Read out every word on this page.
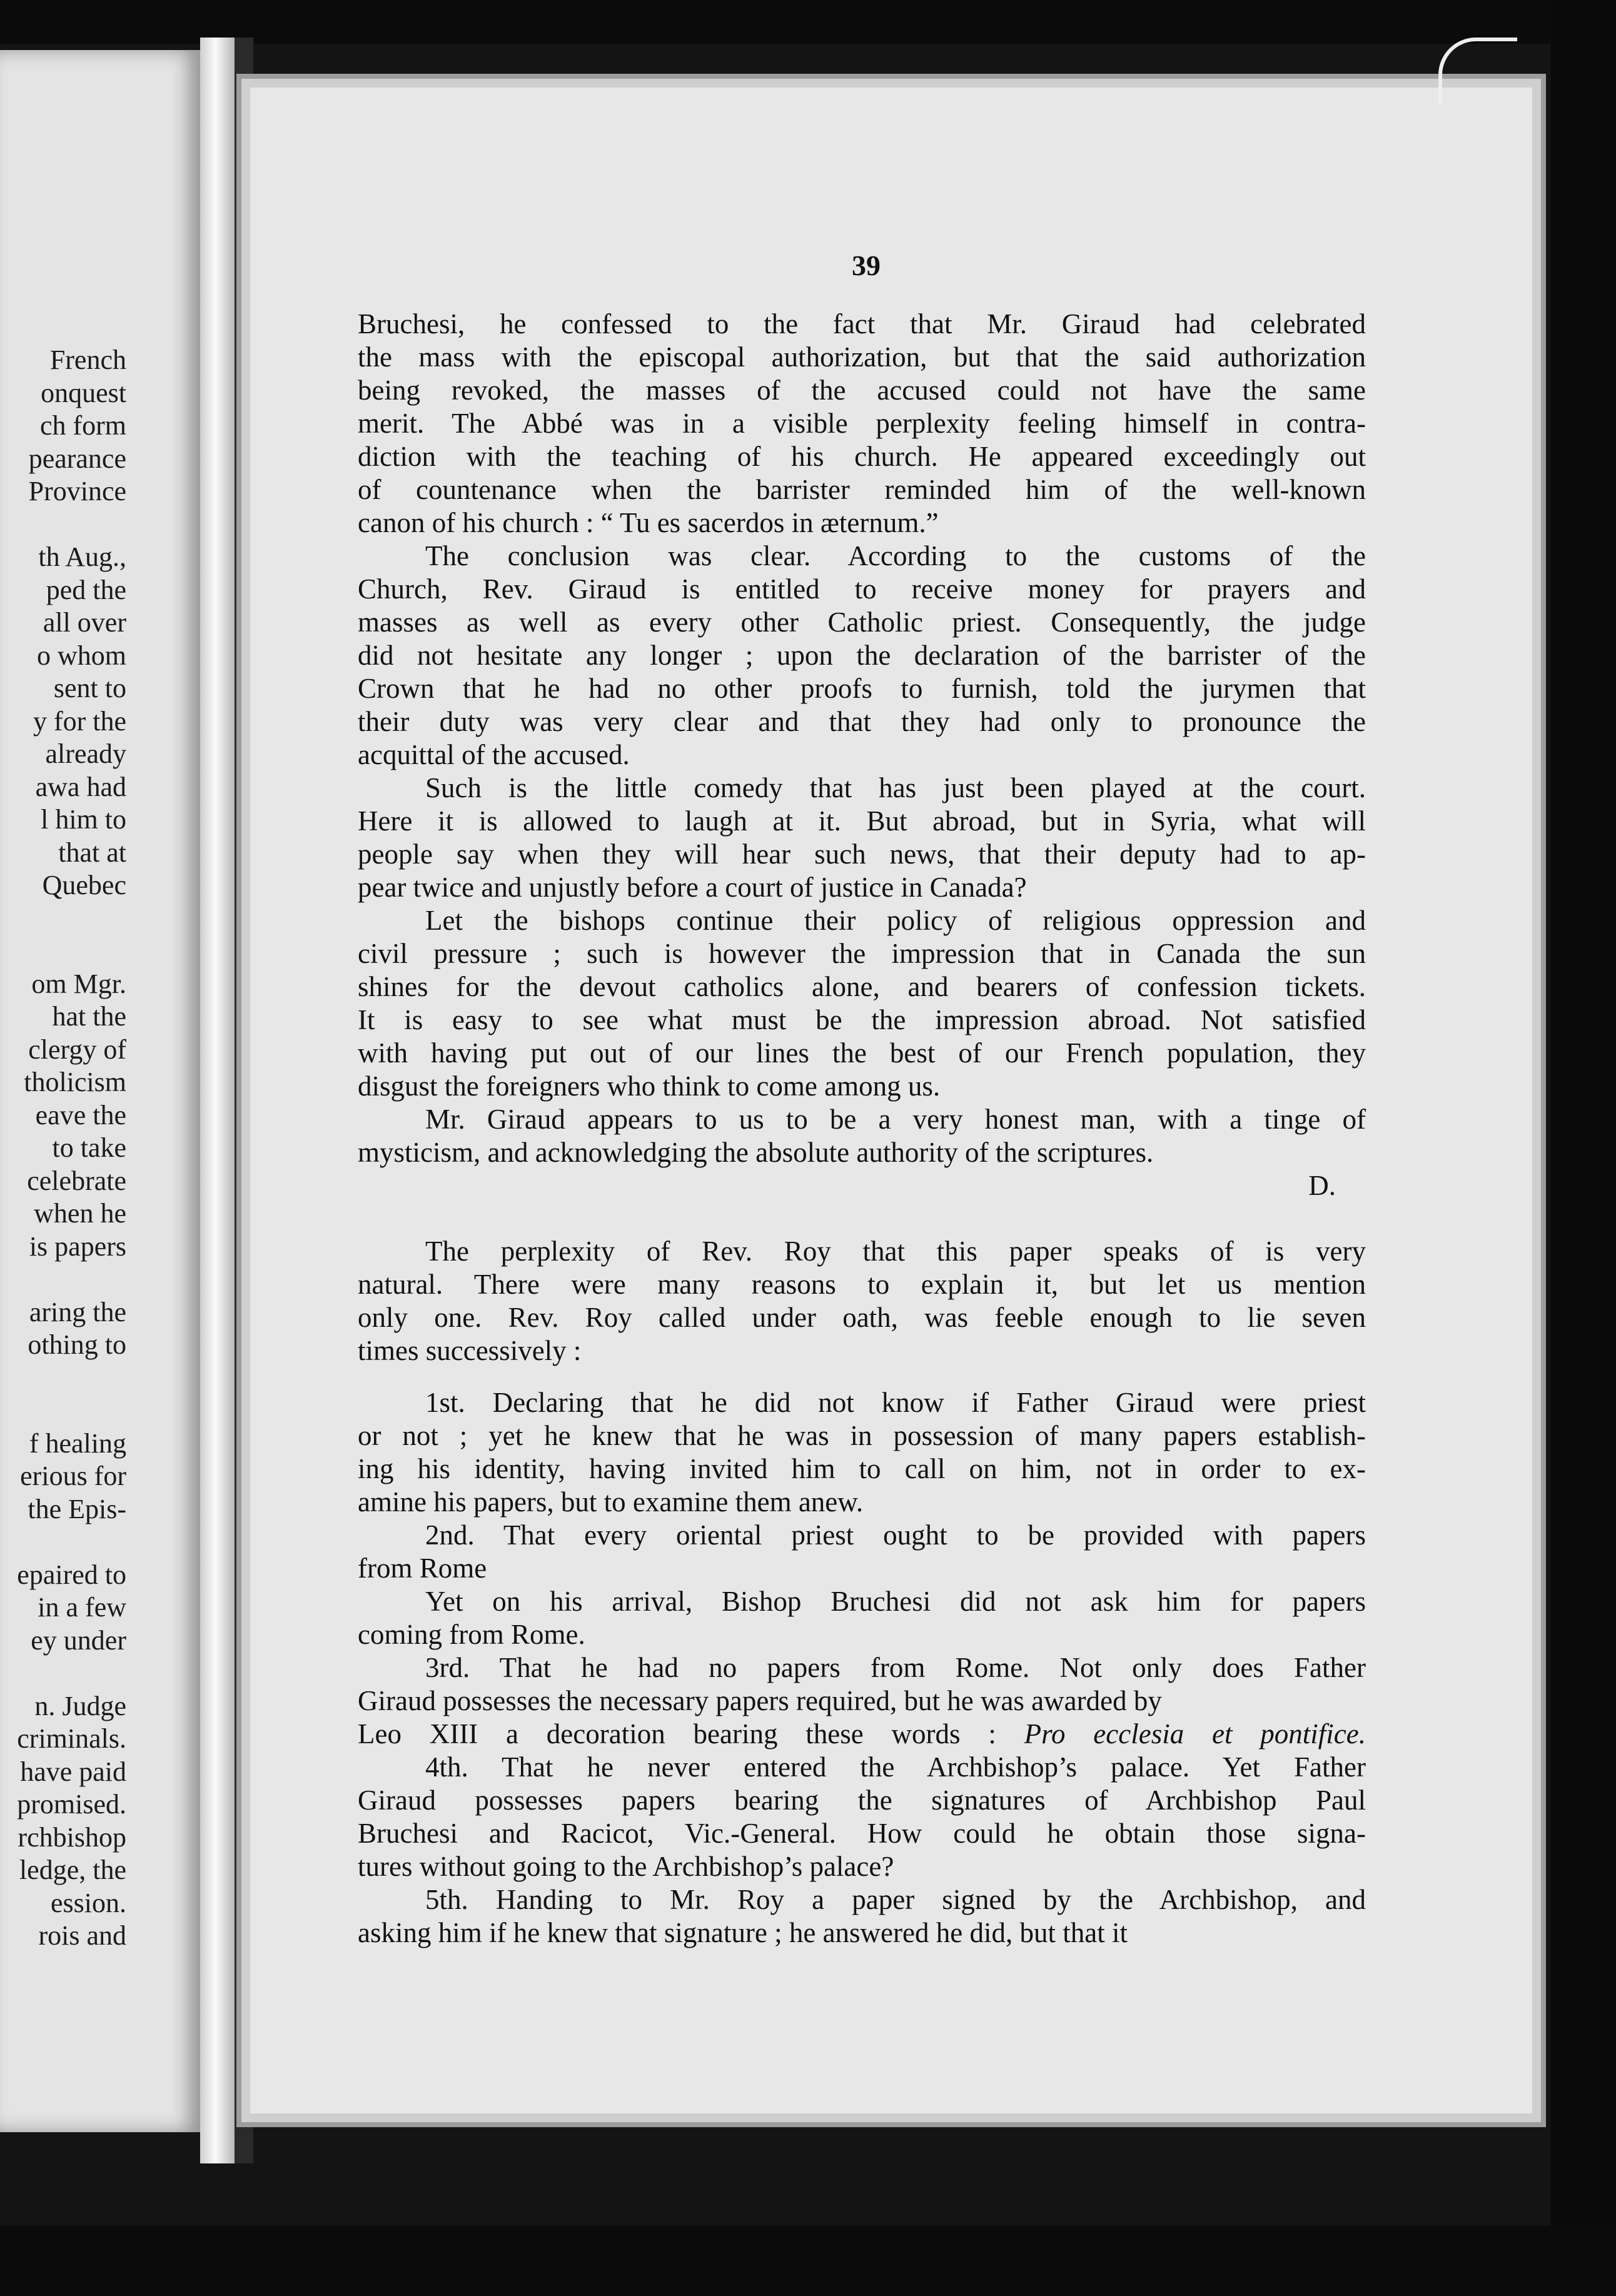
French
onquest
ch form
pearance
Province
th Aug.,
ped the
all over
o whom
sent to
y for the
already
awa had
l him to
that at
Quebec
om Mgr.
hat the
clergy of
tholicism
eave the
to take
celebrate
when he
is papers
aring the
othing to
f healing
erious for
the Epis-
epaired to
in a few
ey under
n. Judge
criminals.
have paid
promised.
rchbishop
ledge, the
ession.
rois and
39
Bruchesi, he confessed to the fact that Mr. Giraud had celebrated
the mass with the episcopal authorization, but that the said authorization
being revoked, the masses of the accused could not have the same
merit. The Abbé was in a visible perplexity feeling himself in contra-
diction with the teaching of his church. He appeared exceedingly out
of countenance when the barrister reminded him of the well-known
canon of his church : “ Tu es sacerdos in æternum.”
The conclusion was clear. According to the customs of the
Church, Rev. Giraud is entitled to receive money for prayers and
masses as well as every other Catholic priest. Consequently, the judge
did not hesitate any longer ; upon the declaration of the barrister of the
Crown that he had no other proofs to furnish, told the jurymen that
their duty was very clear and that they had only to pronounce the
acquittal of the accused.
Such is the little comedy that has just been played at the court.
Here it is allowed to laugh at it. But abroad, but in Syria, what will
people say when they will hear such news, that their deputy had to ap-
pear twice and unjustly before a court of justice in Canada?
Let the bishops continue their policy of religious oppression and
civil pressure ; such is however the impression that in Canada the sun
shines for the devout catholics alone, and bearers of confession tickets.
It is easy to see what must be the impression abroad. Not satisfied
with having put out of our lines the best of our French population, they
disgust the foreigners who think to come among us.
Mr. Giraud appears to us to be a very honest man, with a tinge of
mysticism, and acknowledging the absolute authority of the scriptures.
D.
The perplexity of Rev. Roy that this paper speaks of is very
natural. There were many reasons to explain it, but let us mention
only one. Rev. Roy called under oath, was feeble enough to lie seven
times successively :
1st. Declaring that he did not know if Father Giraud were priest
or not ; yet he knew that he was in possession of many papers establish-
ing his identity, having invited him to call on him, not in order to ex-
amine his papers, but to examine them anew.
2nd. That every oriental priest ought to be provided with papers
from Rome
Yet on his arrival, Bishop Bruchesi did not ask him for papers
coming from Rome.
3rd. That he had no papers from Rome. Not only does Father
Giraud possesses the necessary papers required, but he was awarded by
Leo XIII a decoration bearing these words : Pro ecclesia et pontifice.
4th. That he never entered the Archbishop’s palace. Yet Father
Giraud possesses papers bearing the signatures of Archbishop Paul
Bruchesi and Racicot, Vic.-General. How could he obtain those signa-
tures without going to the Archbishop’s palace?
5th. Handing to Mr. Roy a paper signed by the Archbishop, and
asking him if he knew that signature ; he answered he did, but that it
